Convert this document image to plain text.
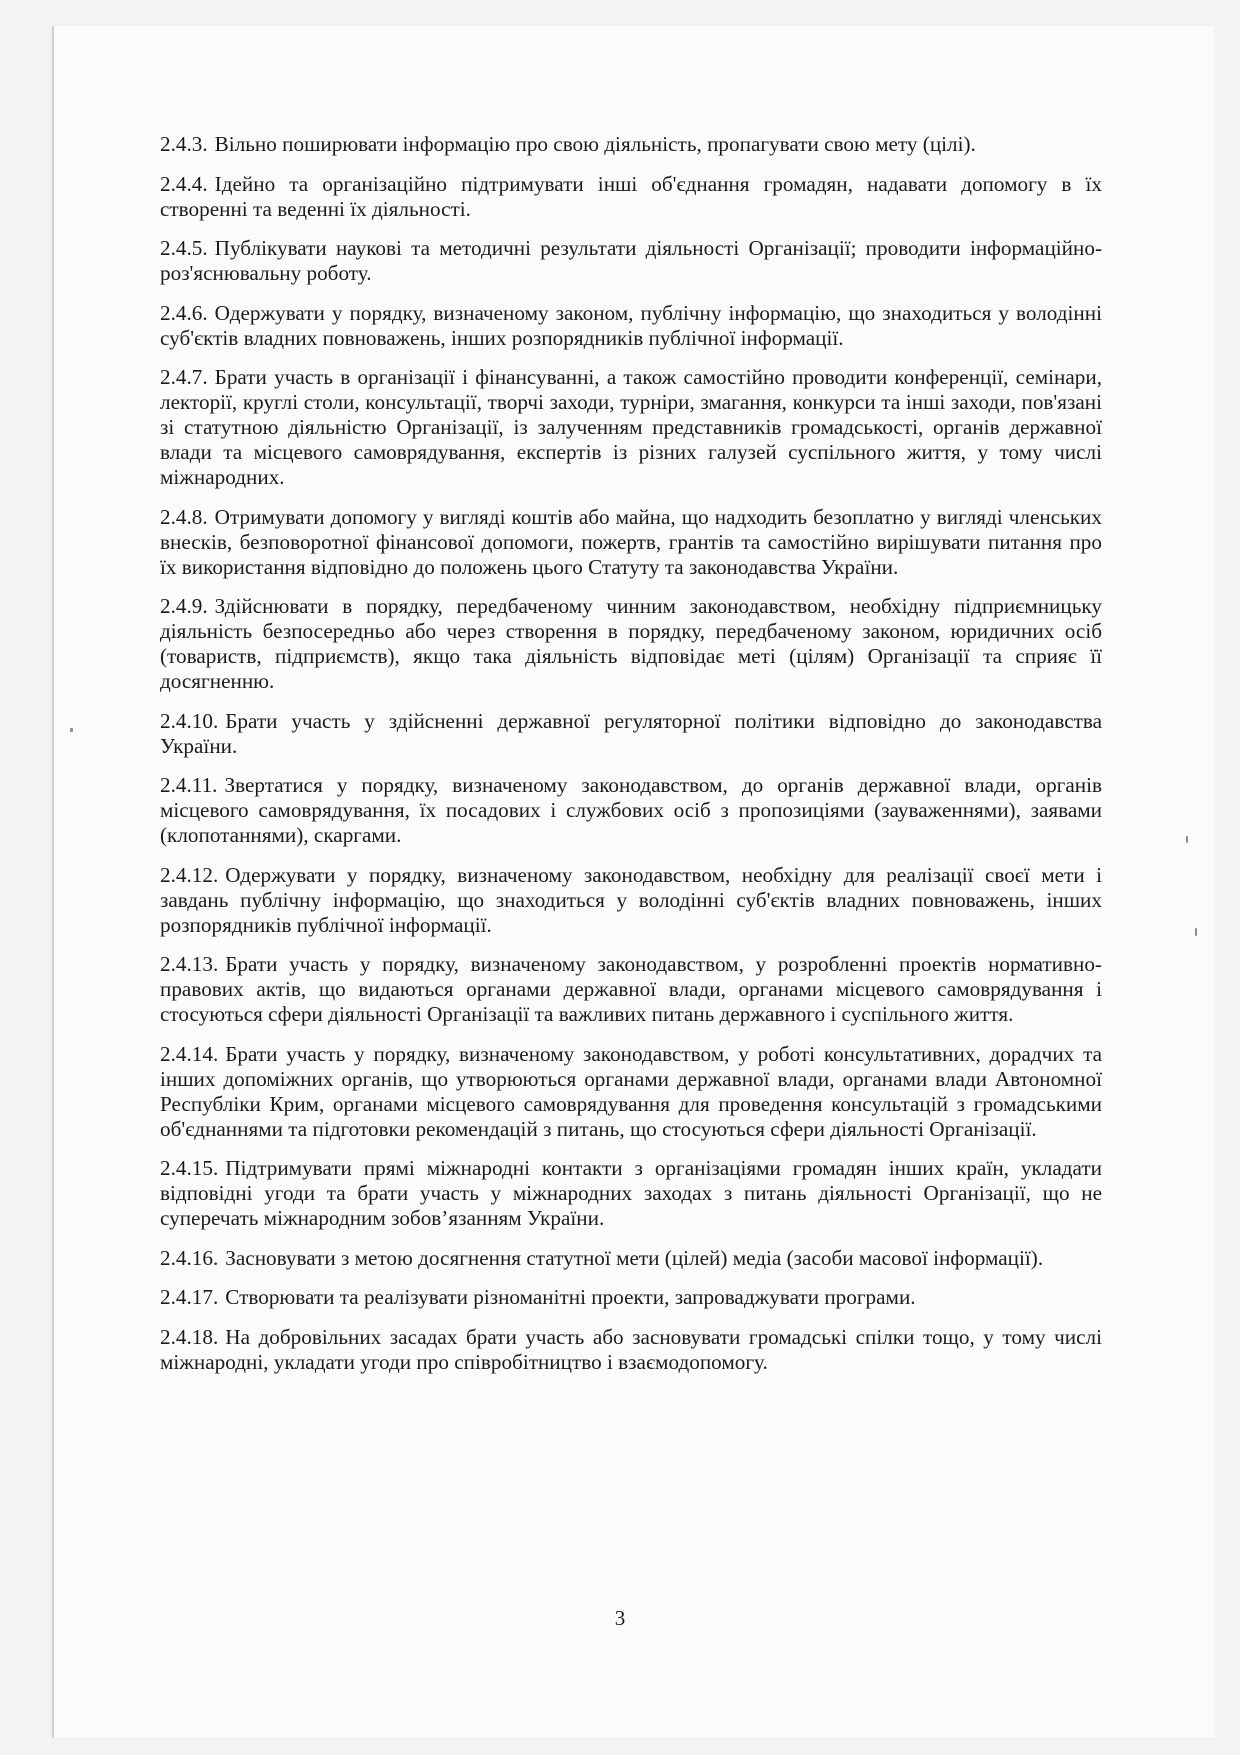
2.4.3. Вільно поширювати інформацію про свою діяльність, пропагувати свою мету (цілі).

2.4.4. Ідейно та організаційно підтримувати інші об'єднання громадян, надавати допомогу в їх створенні та веденні їх діяльності.

2.4.5. Публікувати наукові та методичні результати діяльності Організації; проводити інформаційно-роз'яснювальну роботу.

2.4.6. Одержувати у порядку, визначеному законом, публічну інформацію, що знаходиться у володінні суб'єктів владних повноважень, інших розпорядників публічної інформації.

2.4.7. Брати участь в організації і фінансуванні, а також самостійно проводити конференції, семінари, лекторії, круглі столи, консультації, творчі заходи, турніри, змагання, конкурси та інші заходи, пов'язані зі статутною діяльністю Організації, із залученням представників громадськості, органів державної влади та місцевого самоврядування, експертів із різних галузей суспільного життя, у тому числі міжнародних.

2.4.8. Отримувати допомогу у вигляді коштів або майна, що надходить безоплатно у вигляді членських внесків, безповоротної фінансової допомоги, пожертв, грантів та самостійно вирішувати питання про їх використання відповідно до положень цього Статуту та законодавства України.

2.4.9. Здійснювати в порядку, передбаченому чинним законодавством, необхідну підприємницьку діяльність безпосередньо або через створення в порядку, передбаченому законом, юридичних осіб (товариств, підприємств), якщо така діяльність відповідає меті (цілям) Організації та сприяє її досягненню.

2.4.10. Брати участь у здійсненні державної регуляторної політики відповідно до законодавства України.

2.4.11. Звертатися у порядку, визначеному законодавством, до органів державної влади, органів місцевого самоврядування, їх посадових і службових осіб з пропозиціями (зауваженнями), заявами (клопотаннями), скаргами.

2.4.12. Одержувати у порядку, визначеному законодавством, необхідну для реалізації своєї мети і завдань публічну інформацію, що знаходиться у володінні суб'єктів владних повноважень, інших розпорядників публічної інформації.

2.4.13. Брати участь у порядку, визначеному законодавством, у розробленні проектів нормативно-правових актів, що видаються органами державної влади, органами місцевого самоврядування і стосуються сфери діяльності Організації та важливих питань державного і суспільного життя.

2.4.14. Брати участь у порядку, визначеному законодавством, у роботі консультативних, дорадчих та інших допоміжних органів, що утворюються органами державної влади, органами влади Автономної Республіки Крим, органами місцевого самоврядування для проведення консультацій з громадськими об'єднаннями та підготовки рекомендацій з питань, що стосуються сфери діяльності Організації.

2.4.15. Підтримувати прямі міжнародні контакти з організаціями громадян інших країн, укладати відповідні угоди та брати участь у міжнародних заходах з питань діяльності Організації, що не суперечать міжнародним зобов’язанням України.

2.4.16. Засновувати з метою досягнення статутної мети (цілей) медіа (засоби масової інформації).

2.4.17. Створювати та реалізувати різноманітні проекти, запроваджувати програми.

2.4.18. На добровільних засадах брати участь або засновувати громадські спілки тощо, у тому числі міжнародні, укладати угоди про співробітництво і взаємодопомогу.

3
